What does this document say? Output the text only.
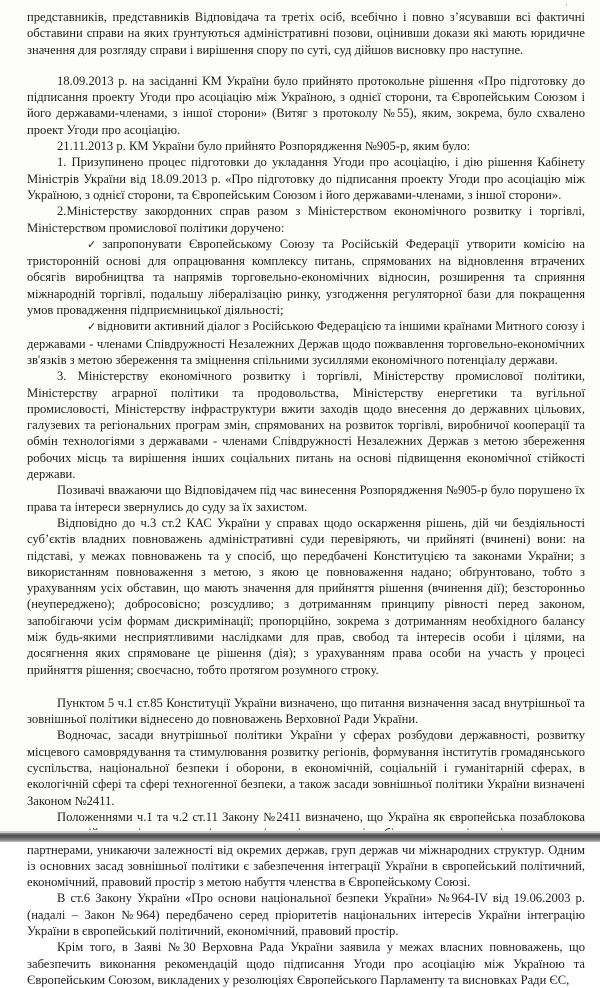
представників, представників Відповідача та третіх осіб, всебічно і повно з’ясувавши всі фактичні обставини справи на яких ґрунтуються адміністративні позови, оцінивши докази які мають юридичне значення для розгляду справи і вирішення спору по суті, суд дійшов висновку про наступне.

18.09.2013 р. на засіданні КМ України було прийнято протокольне рішення «Про підготовку до підписання проекту Угоди про асоціацію між Україною, з однієї сторони, та Європейським Союзом і його державами-членами, з іншої сторони» (Витяг з протоколу №55), яким, зокрема, було схвалено проект Угоди про асоціацію.

21.11.2013 р. КМ України було прийнято Розпорядження №905-р, яким було:

1. Призупинено процес підготовки до укладання Угоди про асоціацію, і дію рішення Кабінету Міністрів України від 18.09.2013 р. «Про підготовку до підписання проекту Угоди про асоціацію між Україною, з однієї сторони, та Європейським Союзом і його державами-членами, з іншої сторони».

2.Міністерству закордонних справ разом з Міністерством економічного розвитку і торгівлі, Міністерством промислової політики доручено:

✓ запропонувати Європейському Союзу та Російській Федерації утворити комісію на тристоронній основі для опрацювання комплексу питань, спрямованих на відновлення втрачених обсягів виробництва та напрямів торговельно-економічних відносин, розширення та сприяння міжнародній торгівлі, подальшу лібералізацію ринку, узгодження регуляторної бази для покращення умов провадження підприємницької діяльності;

✓відновити активний діалог з Російською Федерацією та іншими країнами Митного союзу і державами - членами Співдружності Незалежних Держав щодо пожвавлення торговельно-економічних зв'язків з метою збереження та зміцнення спільними зусиллями економічного потенціалу держави.

3. Міністерству економічного розвитку і торгівлі, Міністерству промислової політики, Міністерству аграрної політики та продовольства, Міністерству енергетики та вугільної промисловості, Міністерству інфраструктури вжити заходів щодо внесення до державних цільових, галузевих та регіональних програм змін, спрямованих на розвиток торгівлі, виробничої кооперації та обмін технологіями з державами - членами Співдружності Незалежних Держав з метою збереження робочих місць та вирішення інших соціальних питань на основі підвищення економічної стійкості держави.

Позивачі вважаючи що Відповідачем під час винесення Розпорядження №905-р було порушено їх права та інтереси звернулись до суду за їх захистом.

Відповідно до ч.3 ст.2 КАС України у справах щодо оскарження рішень, дій чи бездіяльності суб’єктів владних повноважень адміністративні суди перевіряють, чи прийняті (вчинені) вони: на підставі, у межах повноважень та у спосіб, що передбачені Конституцією та законами України; з використанням повноваження з метою, з якою це повноваження надано; обґрунтовано, тобто з урахуванням усіх обставин, що мають значення для прийняття рішення (вчинення дії); безсторонньо (неупереджено); добросовісно; розсудливо; з дотриманням принципу рівності перед законом, запобігаючи усім формам дискримінації; пропорційно, зокрема з дотриманням необхідного балансу між будь-якими несприятливими наслідками для прав, свобод та інтересів особи і цілями, на досягнення яких спрямоване це рішення (дія); з урахуванням права особи на участь у процесі прийняття рішення; своєчасно, тобто протягом розумного строку.

Пунктом 5 ч.1 ст.85 Конституції України визначено, що питання визначення засад внутрішньої та зовнішньої політики віднесено до повноважень Верховної Ради України.

Водночас, засади внутрішньої політики України у сферах розбудови державності, розвитку місцевого самоврядування та стимулювання розвитку регіонів, формування інститутів громадянського суспільства, національної безпеки і оборони, в економічній, соціальній і гуманітарній сферах, в екологічній сфері та сфері техногенної безпеки, а також засади зовнішньої політики України визначені Законом №2411.

Положеннями ч.1 та ч.2 ст.11 Закону №2411 визначено, що Україна як європейська позаблокова партнерами, уникаючи залежності від окремих держав, груп держав чи міжнародних структур. Одним із основних засад зовнішньої політики є забезпечення інтеграції України в європейський політичний, економічний, правовий простір з метою набуття членства в Європейському Союзі.

В ст.6 Закону України «Про основи національної безпеки України» №964-IV від 19.06.2003 р. (надалі – Закон №964) передбачено серед пріоритетів національних інтересів України інтеграцію України в європейський політичний, економічний, правовий простір.

Крім того, в Заяві №30 Верховна Рада України заявила у межах власних повноважень, що забезпечить виконання рекомендацій щодо підписання Угоди про асоціацію між Україною та Європейським Союзом, викладених у резолюціях Європейського Парламенту та висновках Ради ЄС,
